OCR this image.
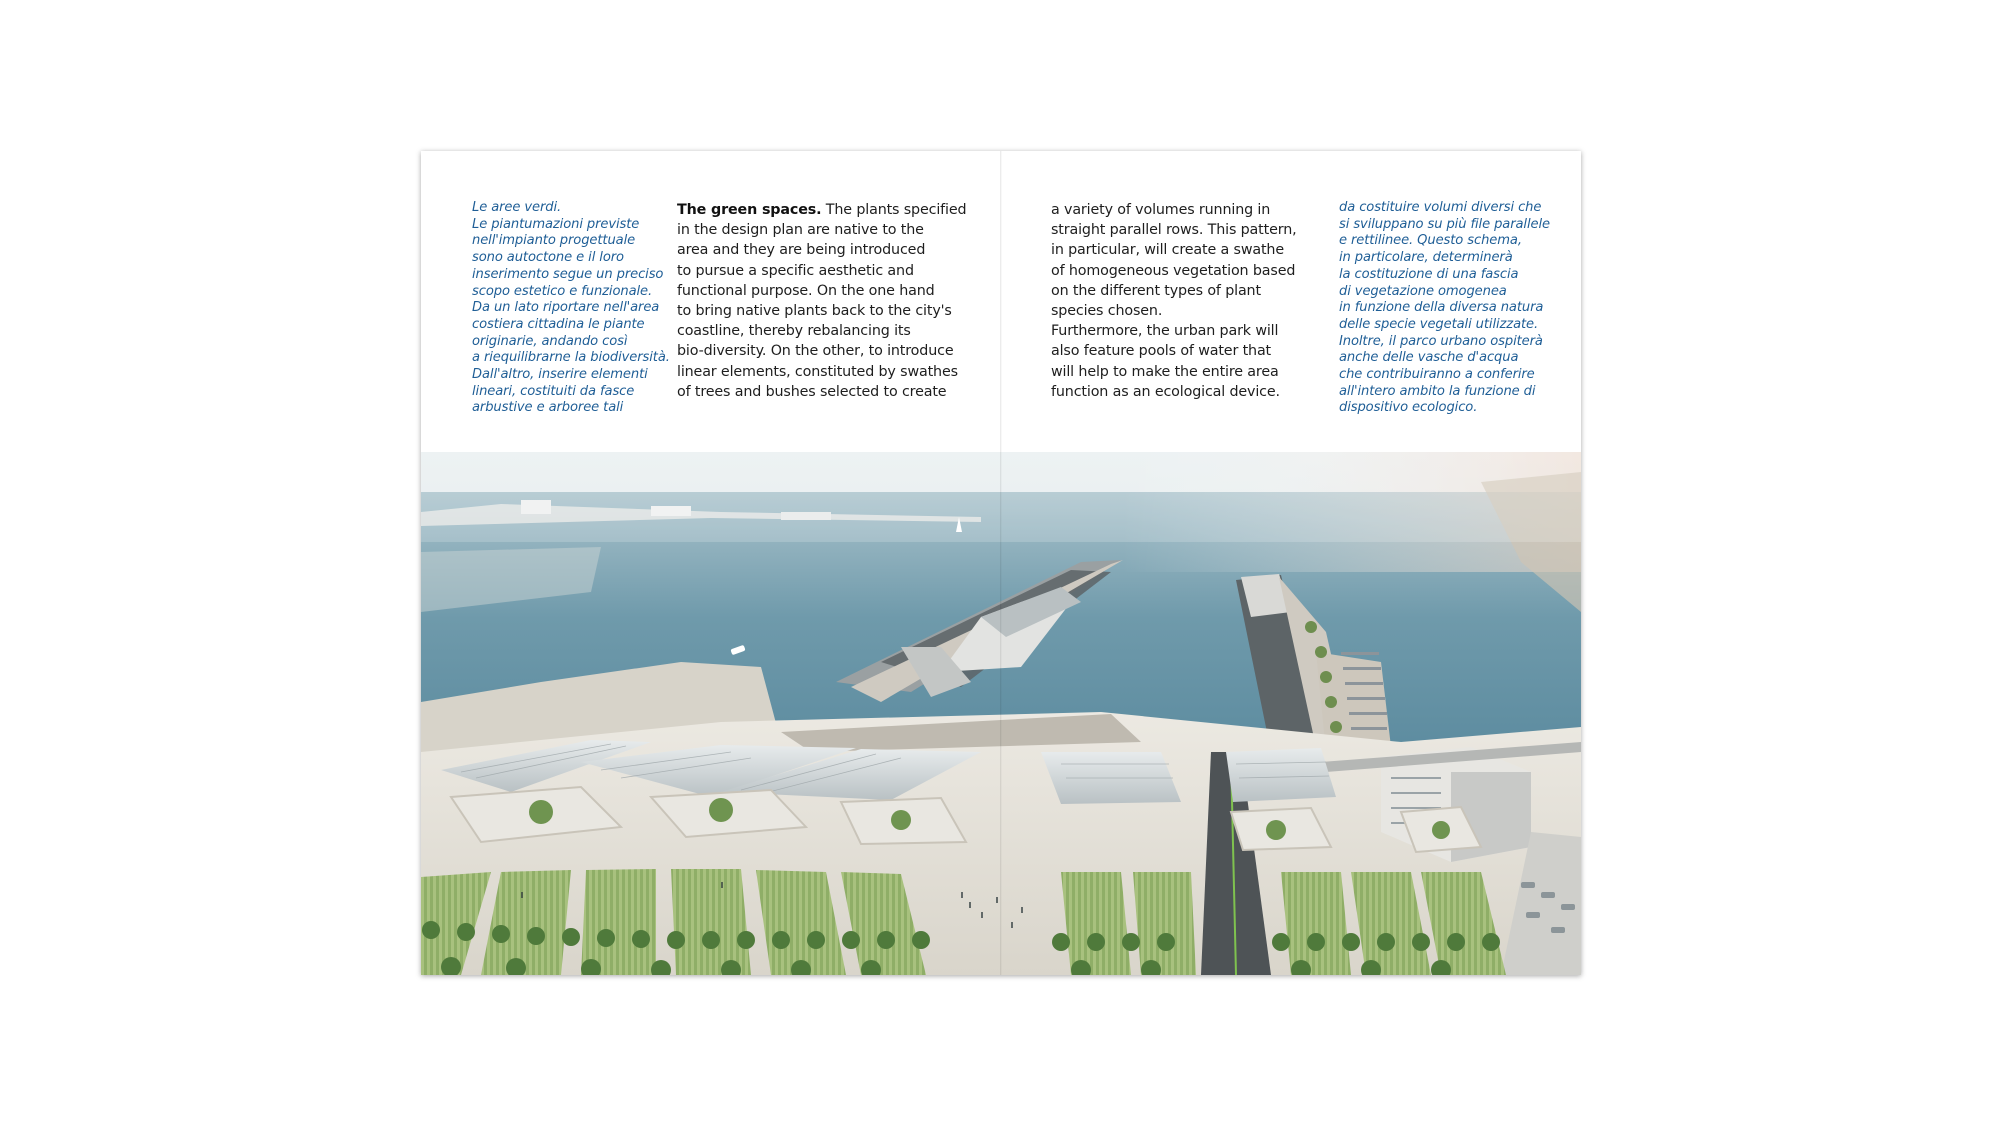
Le aree verdi.
Le piantumazioni previste
nell'impianto progettuale
sono autoctone e il loro
inserimento segue un preciso
scopo estetico e funzionale.
Da un lato riportare nell'area
costiera cittadina le piante
originarie, andando così
a riequilibrarne la biodiversità.
Dall'altro, inserire elementi
lineari, costituiti da fasce
arbustive e arboree tali
The green spaces. The plants specified
in the design plan are native to the
area and they are being introduced
to pursue a specific aesthetic and
functional purpose. On the one hand
to bring native plants back to the city's
coastline, thereby rebalancing its
bio-diversity. On the other, to introduce
linear elements, constituted by swathes
of trees and bushes selected to create
a variety of volumes running in
straight parallel rows. This pattern,
in particular, will create a swathe
of homogeneous vegetation based
on the different types of plant
species chosen.
Furthermore, the urban park will
also feature pools of water that
will help to make the entire area
function as an ecological device.
da costituire volumi diversi che
si sviluppano su più file parallele
e rettilinee. Questo schema,
in particolare, determinerà
la costituzione di una fascia
di vegetazione omogenea
in funzione della diversa natura
delle specie vegetali utilizzate.
Inoltre, il parco urbano ospiterà
anche delle vasche d'acqua
che contribuiranno a conferire
all'intero ambito la funzione di
dispositivo ecologico.
